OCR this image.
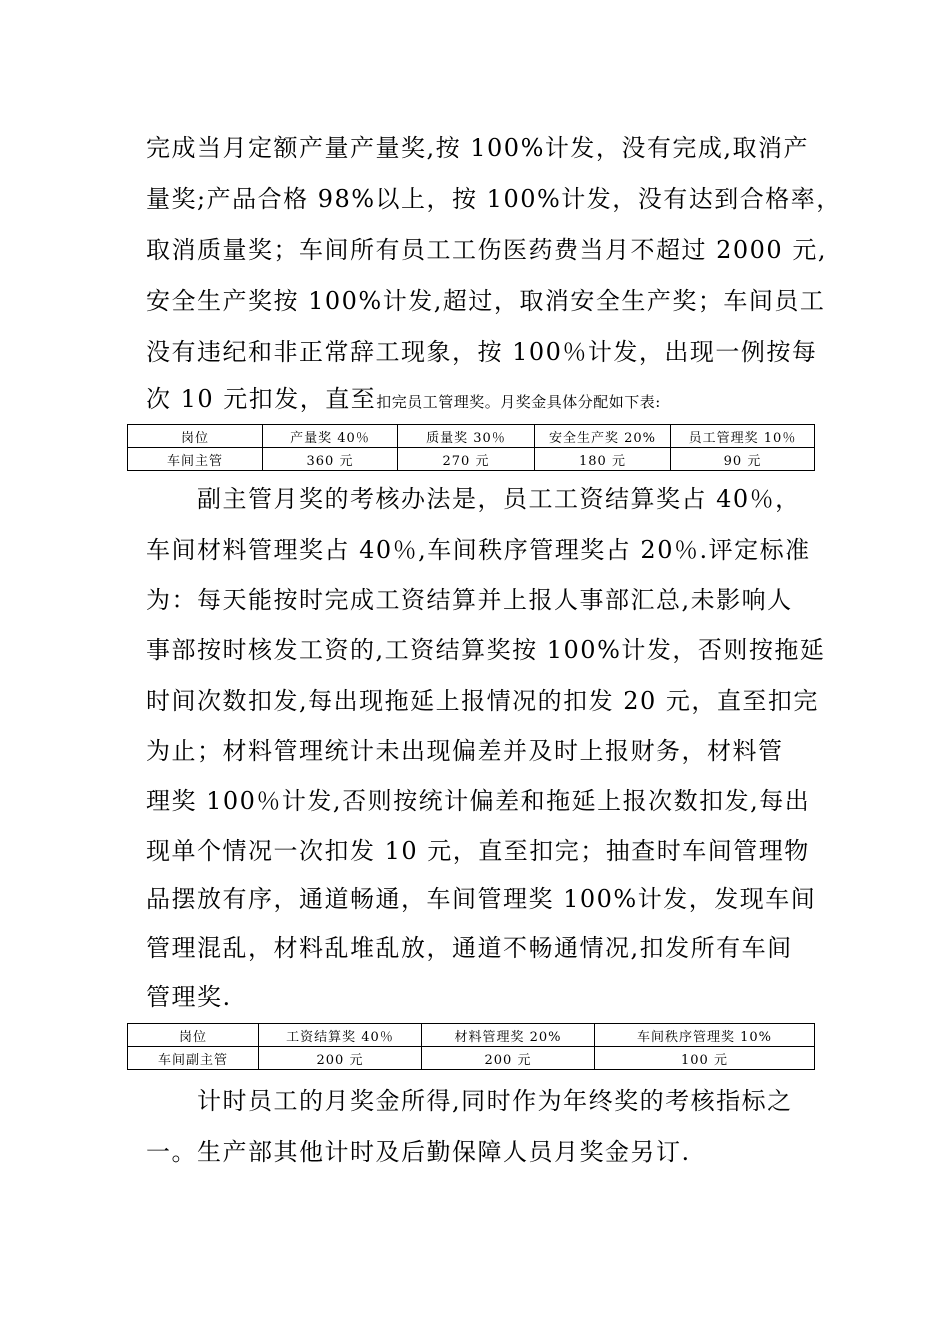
完成当月定额产量产量奖,按 100%计发，没有完成,取消产
量奖;产品合格 98%以上，按 100%计发，没有达到合格率，
取消质量奖；车间所有员工工伤医药费当月不超过 2000 元,
安全生产奖按 100%计发,超过，取消安全生产奖；车间员工
没有违纪和非正常辞工现象，按 100％计发，出现一例按每
次 10 元扣发，直至扣完员工管理奖。月奖金具体分配如下表:
岗位	产量奖 40％	质量奖 30％	安全生产奖 20%	员工管理奖 10％
车间主管	360 元	270 元	180 元	90 元
　　副主管月奖的考核办法是，员工工资结算奖占 40％，
车间材料管理奖占 40％,车间秩序管理奖占 20％.评定标准
为：每天能按时完成工资结算并上报人事部汇总,未影响人
事部按时核发工资的,工资结算奖按 100%计发，否则按拖延
时间次数扣发,每出现拖延上报情况的扣发 20 元，直至扣完
为止；材料管理统计未出现偏差并及时上报财务，材料管
理奖 100％计发,否则按统计偏差和拖延上报次数扣发,每出
现单个情况一次扣发 10 元，直至扣完；抽查时车间管理物
品摆放有序，通道畅通，车间管理奖 100%计发，发现车间
管理混乱，材料乱堆乱放，通道不畅通情况,扣发所有车间
管理奖.
岗位	工资结算奖 40％	材料管理奖 20%	车间秩序管理奖 10%
车间副主管	200 元	200 元	100 元
　　计时员工的月奖金所得,同时作为年终奖的考核指标之
一。生产部其他计时及后勤保障人员月奖金另订.
